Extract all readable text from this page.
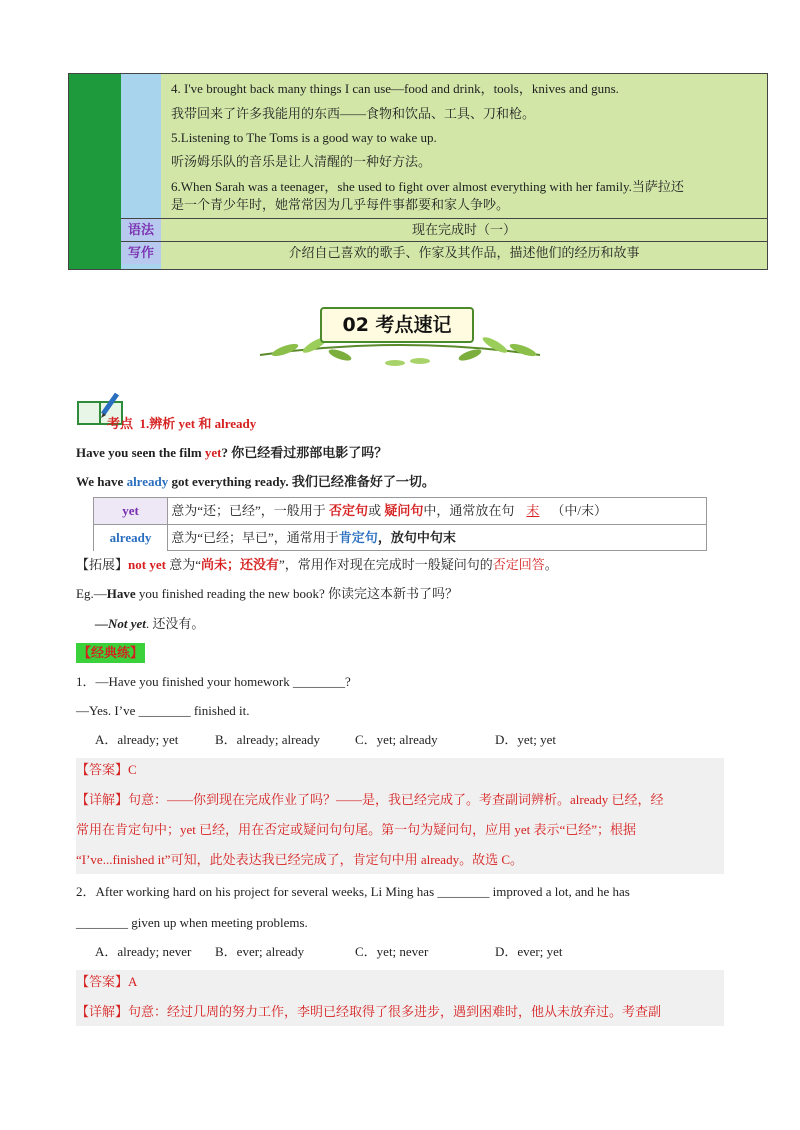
4. I've brought back many things I can use—food and drink，tools，knives and guns.
我带回来了许多我能用的东西——食物和饮品、工具、刀和枪。
5.Listening to The Toms is a good way to wake up.
听汤姆乐队的音乐是让人清醒的一种好方法。
6.When Sarah was a teenager，she used to fight over almost everything with her family.当萨拉还
是一个青少年时，她常常因为几乎每件事都要和家人争吵。
语法	现在完成时（一）
写作	介绍自己喜欢的歌手、作家及其作品，描述他们的经历和故事
02 考点速记
考点 1.辨析 yet 和 already
Have you seen the film yet? 你已经看过那部电影了吗？
We have already got everything ready. 我们已经准备好了一切。
yet	意为“还；已经”，一般用于 否定句或 疑问句中，通常放在句 末 （中/末）
already	意为“已经；早已”，通常用于肯定句，放句中句末
【拓展】not yet 意为“尚未；还没有”，常用作对现在完成时一般疑问句的否定回答。
Eg.—Have you finished reading the new book? 你读完这本新书了吗？
—Not yet. 还没有。
【经典练】
1．—Have you finished your homework ________?
—Yes. I’ve ________ finished it.
A．already; yet	B．already; already	C．yet; already	D．yet; yet
【答案】C
【详解】句意：——你到现在完成作业了吗？——是，我已经完成了。考查副词辨析。already 已经，经
常用在肯定句中；yet 已经，用在否定或疑问句句尾。第一句为疑问句，应用 yet 表示“已经”；根据
“I’ve...finished it”可知，此处表达我已经完成了，肯定句中用 already。故选 C。
2．After working hard on his project for several weeks, Li Ming has ________ improved a lot, and he has
________ given up when meeting problems.
A．already; never B．ever; already	C．yet; never	D．ever; yet
【答案】A
【详解】句意：经过几周的努力工作，李明已经取得了很多进步，遇到困难时，他从未放弃过。考查副
